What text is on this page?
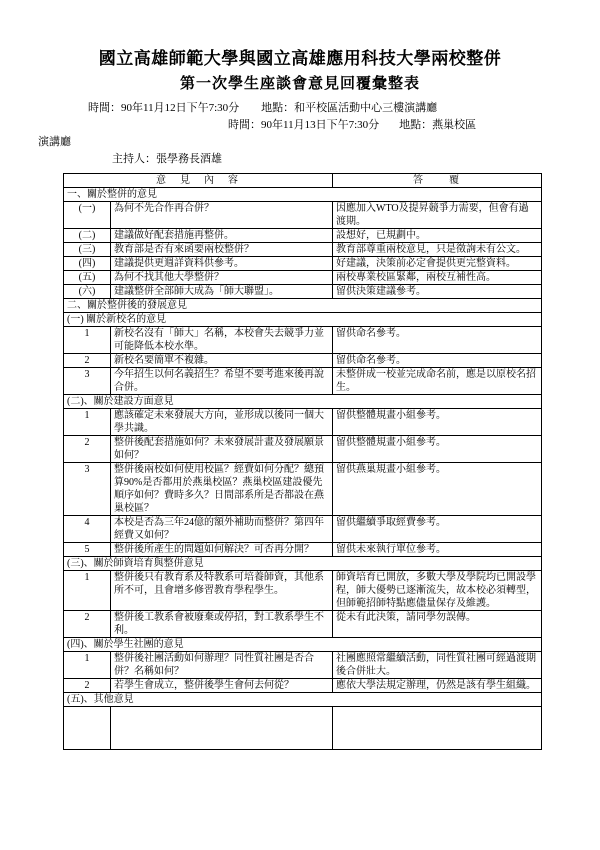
國立高雄師範大學與國立高雄應用科技大學兩校整併
第一次學生座談會意見回覆彙整表
時間：90年11月12日下午7:30分 地點：和平校區活動中心三樓演講廳
時間：90年11月13日下午7:30分 地點：燕巢校區
演講廳
主持人：張學務長酒雄
意　見　內　容		答　　覆
一、關於整併的意見		
(一)	為何不先合作再合併？	因應加入WTO及提昇競爭力需要，但會有過渡期。
(二)	建議做好配套措施再整併。	設想好，已規劃中。
(三)	教育部是否有來函要兩校整併？	教育部尊重兩校意見，只是徵詢未有公文。
(四)	建議提供更週詳資料供參考。	好建議，決策前必定會提供更完整資料。
(五)	為何不找其他大學整併？	兩校專業校區緊鄰，兩校互補性高。
(六)	建議整併全部師大成為「師大聯盟」。	留供決策建議參考。
二、關於整併後的發展意見		
(一) 關於新校名的意見		
1	新校名沒有「師大」名稱，本校會失去競爭力並可能降低本校水準。	留供命名參考。
2	新校名要簡單不複雜。	留供命名參考。
3	今年招生以何名義招生？希望不要考進來後再說合併。	未整併成一校並完成命名前，應是以原校名招生。
(二)、關於建設方面意見		
1	應該確定未來發展大方向，並形成以後同一個大學共識。	留供整體規畫小組參考。
2	整併後配套措施如何？未來發展計畫及發展願景如何？	留供整體規畫小組參考。
3	整併後兩校如何使用校區？經費如何分配？總預算90%是否都用於燕巢校區？燕巢校區建設優先順序如何？費時多久？日間部系所是否都設在燕巢校區？	留供燕巢規畫小組參考。
4	本校是否為三年24億的額外補助而整併？第四年經費又如何？	留供繼續爭取經費參考。
5	整併後所產生的問題如何解決？可否再分開？	留供未來執行單位參考。
(三)、關於師資培育與整併意見		
1	整併後只有教育系及特教系可培養師資，其他系所不可，且會增多修習教育學程學生。	師資培育已開放，多數大學及學院均已開設學程，師大優勢已逐漸流失，故本校必須轉型，但師範招師特點應儘量保存及維護。
2	整併後工教系會被廢棄或停招，對工教系學生不利。	從未有此決策，請同學勿誤傳。
(四)、關於學生社團的意見		
1	整併後社團活動如何辦理？同性質社團是否合併？名稱如何？	社團應照常繼續活動，同性質社團可經過渡期後合併壯大。
2	若學生會成立，整併後學生會何去何從？	應依大學法規定辦理，仍然是該有學生組織。
(五)、其他意見		
